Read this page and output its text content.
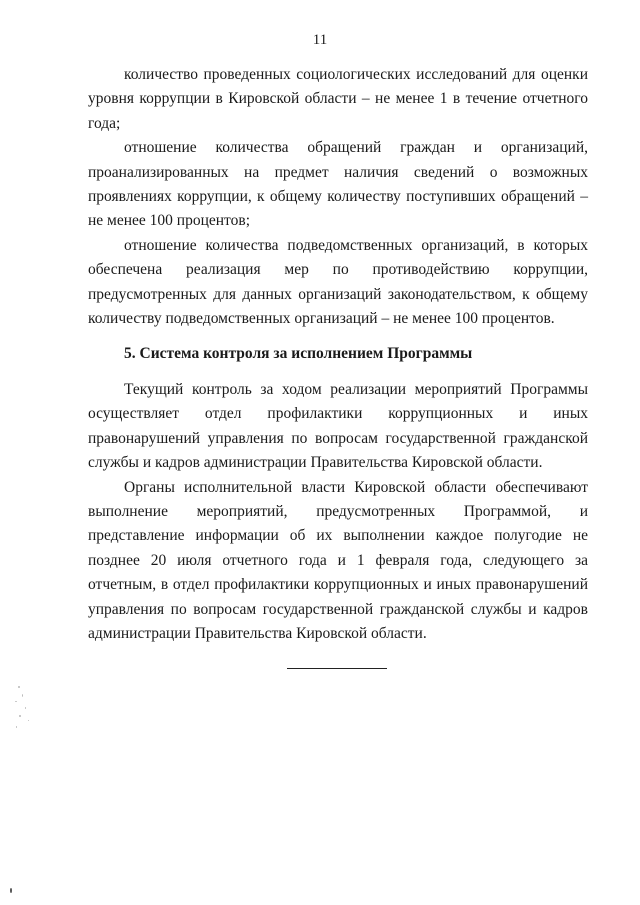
11

количество проведенных социологических исследований для оценки уровня коррупции в Кировской области – не менее 1 в течение отчетного года;

отношение количества обращений граждан и организаций, проанализированных на предмет наличия сведений о возможных проявлениях коррупции, к общему количеству поступивших обращений – не менее 100 процентов;

отношение количества подведомственных организаций, в которых обеспечена реализация мер по противодействию коррупции, предусмотренных для данных организаций законодательством, к общему количеству подведомственных организаций – не менее 100 процентов.

5. Система контроля за исполнением Программы

Текущий контроль за ходом реализации мероприятий Программы осуществляет отдел профилактики коррупционных и иных правонарушений управления по вопросам государственной гражданской службы и кадров администрации Правительства Кировской области.

Органы исполнительной власти Кировской области обеспечивают выполнение мероприятий, предусмотренных Программой, и представление информации об их выполнении каждое полугодие не позднее 20 июля отчетного года и 1 февраля года, следующего за отчетным, в отдел профилактики коррупционных и иных правонарушений управления по вопросам государственной гражданской службы и кадров администрации Правительства Кировской области.
